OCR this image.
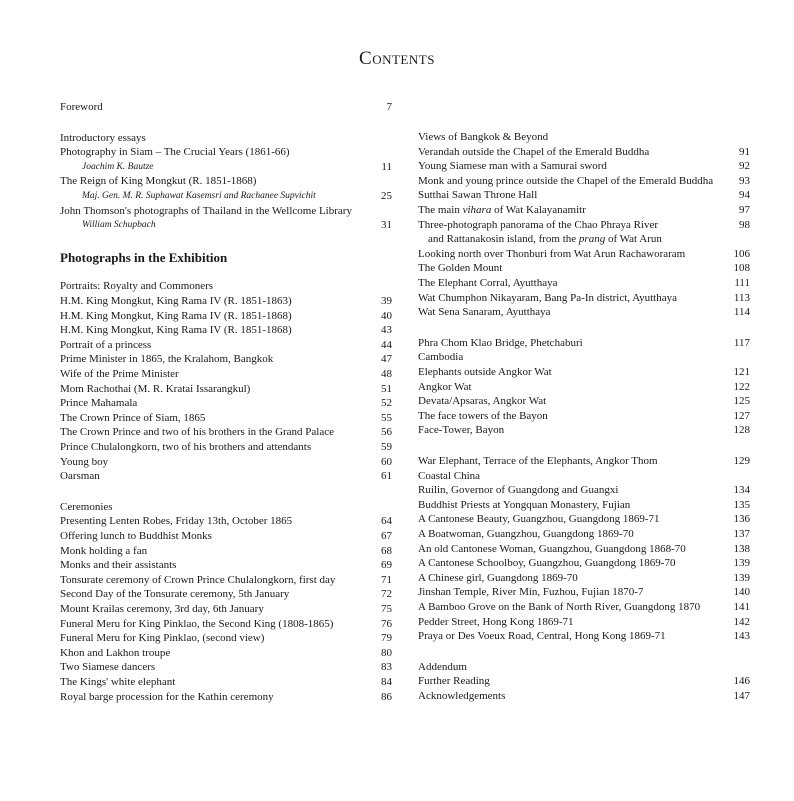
Contents
Foreword	7
Introductory essays
Photography in Siam – The Crucial Years (1861-66)
Joachim K. Bautze	11
The Reign of King Mongkut (R. 1851-1868)
Maj. Gen. M. R. Suphawat Kasemsri and Rachanee Supvichit	25
John Thomson's photographs of Thailand in the Wellcome Library
William Schupbach	31
Photographs in the Exhibition
Portraits: Royalty and Commoners
H.M. King Mongkut, King Rama IV (R. 1851-1863)	39
H.M. King Mongkut, King Rama IV (R. 1851-1868)	40
H.M. King Mongkut, King Rama IV (R. 1851-1868)	43
Portrait of a princess	44
Prime Minister in 1865, the Kralahom, Bangkok	47
Wife of the Prime Minister	48
Mom Rachothai (M. R. Kratai Issarangkul)	51
Prince Mahamala	52
The Crown Prince of Siam, 1865	55
The Crown Prince and two of his brothers in the Grand Palace	56
Prince Chulalongkorn, two of his brothers and attendants	59
Young boy	60
Oarsman	61
Ceremonies
Presenting Lenten Robes, Friday 13th, October 1865	64
Offering lunch to Buddhist Monks	67
Monk holding a fan	68
Monks and their assistants	69
Tonsurate ceremony of Crown Prince Chulalongkorn, first day	71
Second Day of the Tonsurate ceremony, 5th January	72
Mount Krailas ceremony, 3rd day, 6th January	75
Funeral Meru for King Pinklao, the Second King (1808-1865)	76
Funeral Meru for King Pinklao, (second view)	79
Khon and Lakhon troupe	80
Two Siamese dancers	83
The Kings' white elephant	84
Royal barge procession for the Kathin ceremony	86
Views of Bangkok & Beyond
Verandah outside the Chapel of the Emerald Buddha	91
Young Siamese man with a Samurai sword	92
Monk and young prince outside the Chapel of the Emerald Buddha 93
Sutthai Sawan Throne Hall	94
The main vihara of Wat Kalayanamitr	97
Three-photograph panorama of the Chao Phraya River	98
and Rattanakosin island, from the prang of Wat Arun
Looking north over Thonburi from Wat Arun Rachaworaram	106
The Golden Mount	108
The Elephant Corral, Ayutthaya	111
Wat Chumphon Nikayaram, Bang Pa-In district, Ayutthaya	113
Wat Sena Sanaram, Ayutthaya	114
Phra Chom Klao Bridge, Phetchaburi	117
Cambodia
Elephants outside Angkor Wat	121
Angkor Wat	122
Devata/Apsaras, Angkor Wat	125
The face towers of the Bayon	127
Face-Tower, Bayon	128
War Elephant, Terrace of the Elephants, Angkor Thom	129
Coastal China
Ruilin, Governor of Guangdong and Guangxi	134
Buddhist Priests at Yongquan Monastery, Fujian	135
A Cantonese Beauty, Guangzhou, Guangdong 1869-71	136
A Boatwoman, Guangzhou, Guangdong 1869-70	137
An old Cantonese Woman, Guangzhou, Guangdong 1868-70	138
A Cantonese Schoolboy, Guangzhou, Guangdong 1869-70	139
A Chinese girl, Guangdong 1869-70	139
Jinshan Temple, River Min, Fuzhou, Fujian 1870-7	140
A Bamboo Grove on the Bank of North River, Guangdong 1870	141
Pedder Street, Hong Kong 1869-71	142
Praya or Des Voeux Road, Central, Hong Kong 1869-71	143
Addendum
Further Reading	146
Acknowledgements	147
